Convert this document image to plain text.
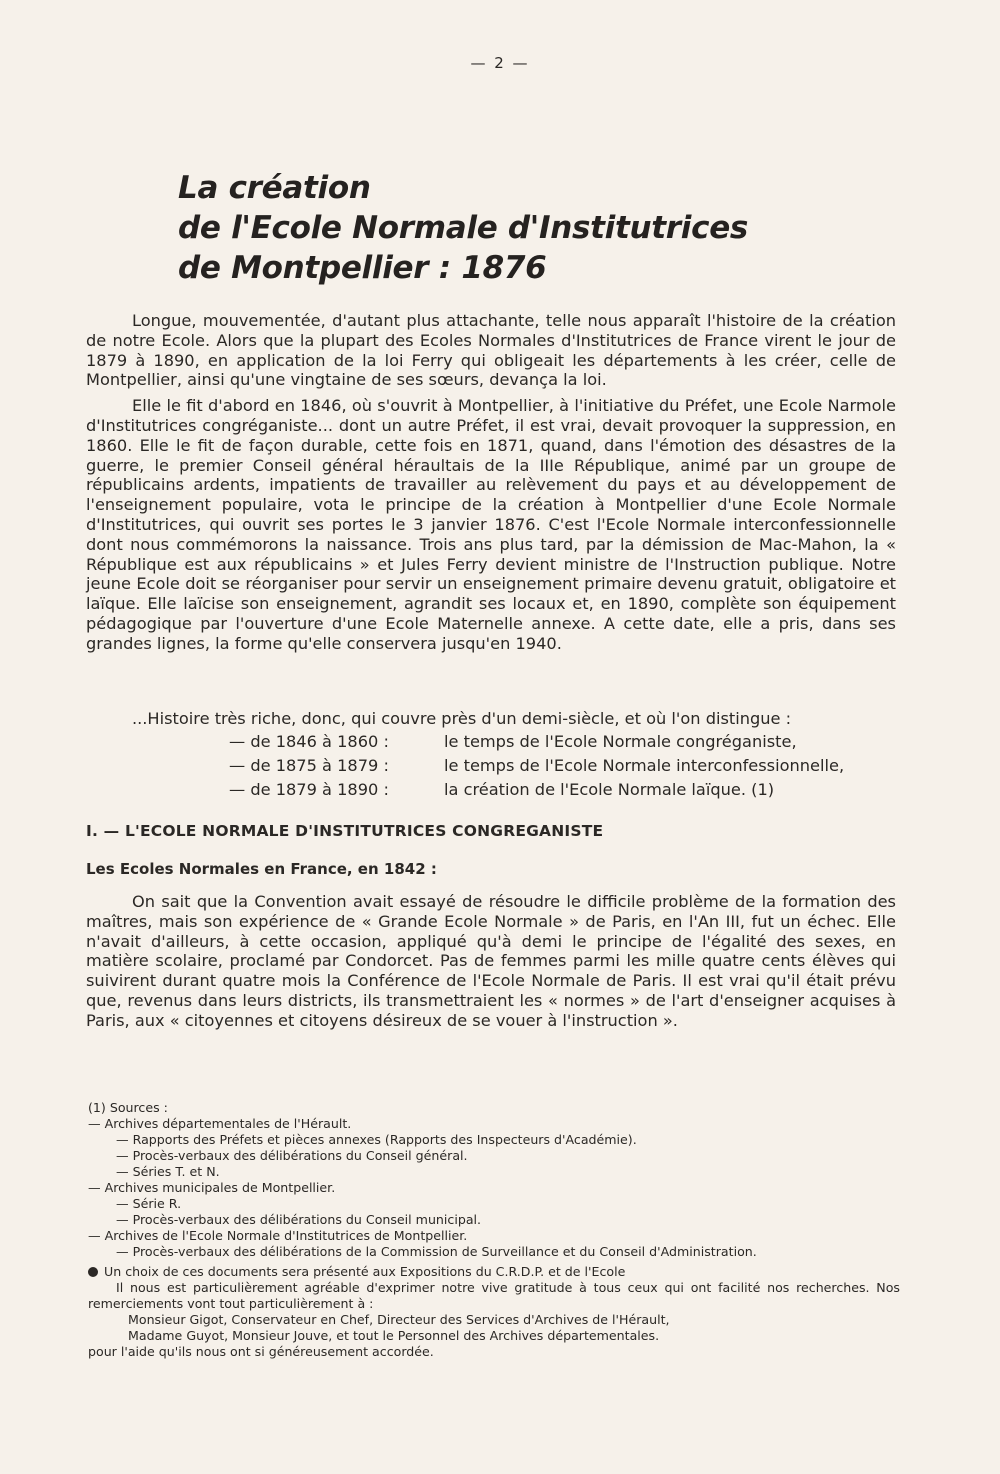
— 2 —
La création
de l'Ecole Normale d'Institutrices
de Montpellier : 1876

Longue, mouvementée, d'autant plus attachante, telle nous apparaît l'histoire de la création de notre Ecole. Alors que la plupart des Ecoles Normales d'Institutrices de France virent le jour de 1879 à 1890, en application de la loi Ferry qui obligeait les départements à les créer, celle de Montpellier, ainsi qu'une vingtaine de ses sœurs, devança la loi.

Elle le fit d'abord en 1846, où s'ouvrit à Montpellier, à l'initiative du Préfet, une Ecole Narmole d'Institutrices congréganiste... dont un autre Préfet, il est vrai, devait provoquer la suppression, en 1860. Elle le fit de façon durable, cette fois en 1871, quand, dans l'émotion des désastres de la guerre, le premier Conseil général héraultais de la IIIe République, animé par un groupe de républicains ardents, impatients de travailler au relèvement du pays et au développement de l'enseignement populaire, vota le principe de la création à Montpellier d'une Ecole Normale d'Institutrices, qui ouvrit ses portes le 3 janvier 1876. C'est l'Ecole Normale interconfessionnelle dont nous commémorons la naissance. Trois ans plus tard, par la démission de Mac-Mahon, la « République est aux républicains » et Jules Ferry devient ministre de l'Instruction publique. Notre jeune Ecole doit se réorganiser pour servir un enseignement primaire devenu gratuit, obligatoire et laïque. Elle laïcise son enseignement, agrandit ses locaux et, en 1890, complète son équipement pédagogique par l'ouverture d'une Ecole Maternelle annexe. A cette date, elle a pris, dans ses grandes lignes, la forme qu'elle conservera jusqu'en 1940.

...Histoire très riche, donc, qui couvre près d'un demi-siècle, et où l'on distingue :
— de 1846 à 1860 :	le temps de l'Ecole Normale congréganiste,
— de 1875 à 1879 :	le temps de l'Ecole Normale interconfessionnelle,
— de 1879 à 1890 :	la création de l'Ecole Normale laïque. (1)
I. — L'ECOLE NORMALE D'INSTITUTRICES CONGREGANISTE
Les Ecoles Normales en France, en 1842 :

On sait que la Convention avait essayé de résoudre le difficile problème de la formation des maîtres, mais son expérience de « Grande Ecole Normale » de Paris, en l'An III, fut un échec. Elle n'avait d'ailleurs, à cette occasion, appliqué qu'à demi le principe de l'égalité des sexes, en matière scolaire, proclamé par Condorcet. Pas de femmes parmi les mille quatre cents élèves qui suivirent durant quatre mois la Conférence de l'Ecole Normale de Paris. Il est vrai qu'il était prévu que, revenus dans leurs districts, ils transmettraient les « normes » de l'art d'enseigner acquises à Paris, aux « citoyennes et citoyens désireux de se vouer à l'instruction ».

(1) Sources :
— Archives départementales de l'Hérault.
— Rapports des Préfets et pièces annexes (Rapports des Inspecteurs d'Académie).
— Procès-verbaux des délibérations du Conseil général.
— Séries T. et N.
— Archives municipales de Montpellier.
— Série R.
— Procès-verbaux des délibérations du Conseil municipal.
— Archives de l'Ecole Normale d'Institutrices de Montpellier.
— Procès-verbaux des délibérations de la Commission de Surveillance et du Conseil d'Administration.
Un choix de ces documents sera présenté aux Expositions du C.R.D.P. et de l'Ecole
Il nous est particulièrement agréable d'exprimer notre vive gratitude à tous ceux qui ont facilité nos recherches. Nos remerciements vont tout particulièrement à :
Monsieur Gigot, Conservateur en Chef, Directeur des Services d'Archives de l'Hérault,
Madame Guyot, Monsieur Jouve, et tout le Personnel des Archives départementales.
pour l'aide qu'ils nous ont si généreusement accordée.
